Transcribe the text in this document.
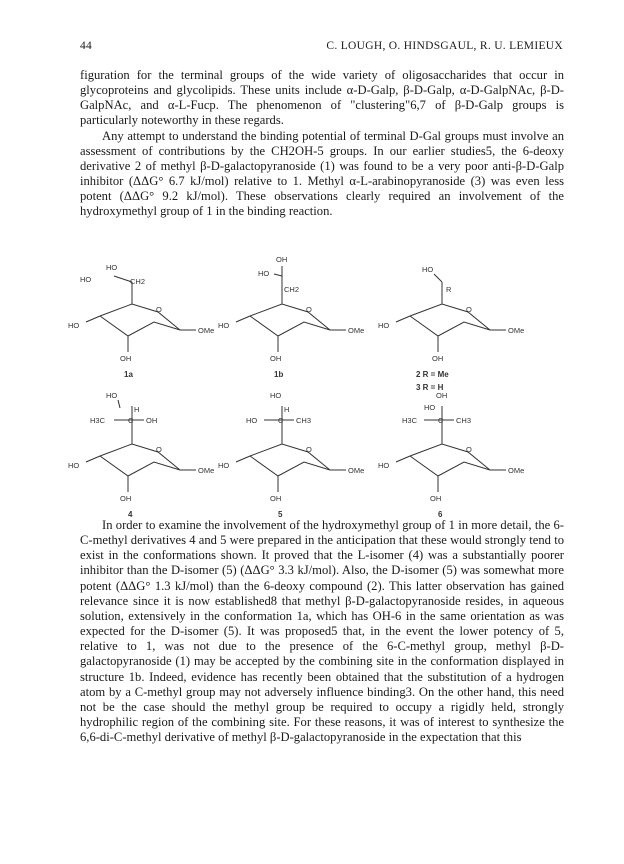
44	C. LOUGH, O. HINDSGAUL, R. U. LEMIEUX
figuration for the terminal groups of the wide variety of oligosaccharides that occur in glycoproteins and glycolipids. These units include α-D-Galp, β-D-Galp, α-D-GalpNAc, β-D-GalpNAc, and α-L-Fucp. The phenomenon of "clustering"6,7 of β-D-Galp groups is particularly noteworthy in these regards.
Any attempt to understand the binding potential of terminal D-Gal groups must involve an assessment of contributions by the CH2OH-5 groups. In our earlier studies5, the 6-deoxy derivative 2 of methyl β-D-galactopyranoside (1) was found to be a very poor anti-β-D-Galp inhibitor (ΔΔG° 6.7 kJ/mol) relative to 1. Methyl α-L-arabinopyranoside (3) was even less potent (ΔΔG° 9.2 kJ/mol). These observations clearly required an involvement of the hydroxymethyl group of 1 in the binding reaction.
HO
HO	CH2
O
HO
OMe
OH
1a
OH
HO
CH2
O
HO
OMe
OH
1b
HO
R
O
HO
OMe
OH
2 R = Me
3 R = H
HO
H
H3C	C OH
O
HO
OMe
OH
4
HO
H
HO	C CH3
O
HO
OMe
OH
5
OH
HO
H3C	C CH3
O
HO
OMe
OH
6
In order to examine the involvement of the hydroxymethyl group of 1 in more detail, the 6-C-methyl derivatives 4 and 5 were prepared in the anticipation that these would strongly tend to exist in the conformations shown. It proved that the L-isomer (4) was a substantially poorer inhibitor than the D-isomer (5) (ΔΔG° 3.3 kJ/mol). Also, the D-isomer (5) was somewhat more potent (ΔΔG° 1.3 kJ/mol) than the 6-deoxy compound (2). This latter observation has gained relevance since it is now established8 that methyl β-D-galactopyranoside resides, in aqueous solution, extensively in the conformation 1a, which has OH-6 in the same orientation as was expected for the D-isomer (5). It was proposed5 that, in the event the lower potency of 5, relative to 1, was not due to the presence of the 6-C-methyl group, methyl β-D-galactopyranoside (1) may be accepted by the combining site in the conformation displayed in structure 1b. Indeed, evidence has recently been obtained that the substitution of a hydrogen atom by a C-methyl group may not adversely influence binding3. On the other hand, this need not be the case should the methyl group be required to occupy a rigidly held, strongly hydrophilic region of the combining site. For these reasons, it was of interest to synthesize the 6,6-di-C-methyl derivative of methyl β-D-galactopyranoside in the expectation that this
